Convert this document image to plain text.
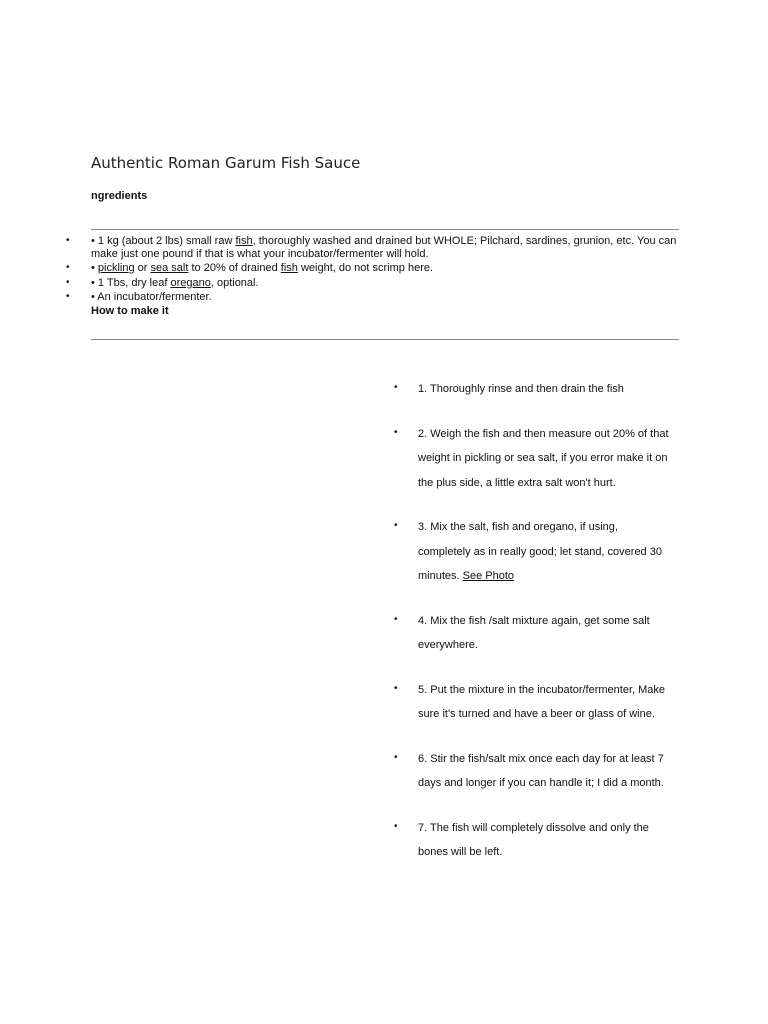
Authentic Roman Garum Fish Sauce
ngredients
• • 1 kg (about 2 lbs) small raw fish, thoroughly washed and drained but WHOLE; Pilchard, sardines, grunion, etc. You can make just one pound if that is what your incubator/fermenter will hold.
• • pickling or sea salt to 20% of drained fish weight, do not scrimp here.
• • 1 Tbs, dry leaf oregano, optional.
• • An incubator/fermenter.
How to make it
• 1. Thoroughly rinse and then drain the fish
• 2. Weigh the fish and then measure out 20% of that
weight in pickling or sea salt, if you error make it on
the plus side, a little extra salt won't hurt.
• 3. Mix the salt, fish and oregano, if using,
completely as in really good; let stand, covered 30
minutes. See Photo
• 4. Mix the fish /salt mixture again, get some salt
everywhere.
• 5. Put the mixture in the incubator/fermenter, Make
sure it's turned and have a beer or glass of wine.
• 6. Stir the fish/salt mix once each day for at least 7
days and longer if you can handle it; I did a month.
• 7. The fish will completely dissolve and only the
bones will be left.
